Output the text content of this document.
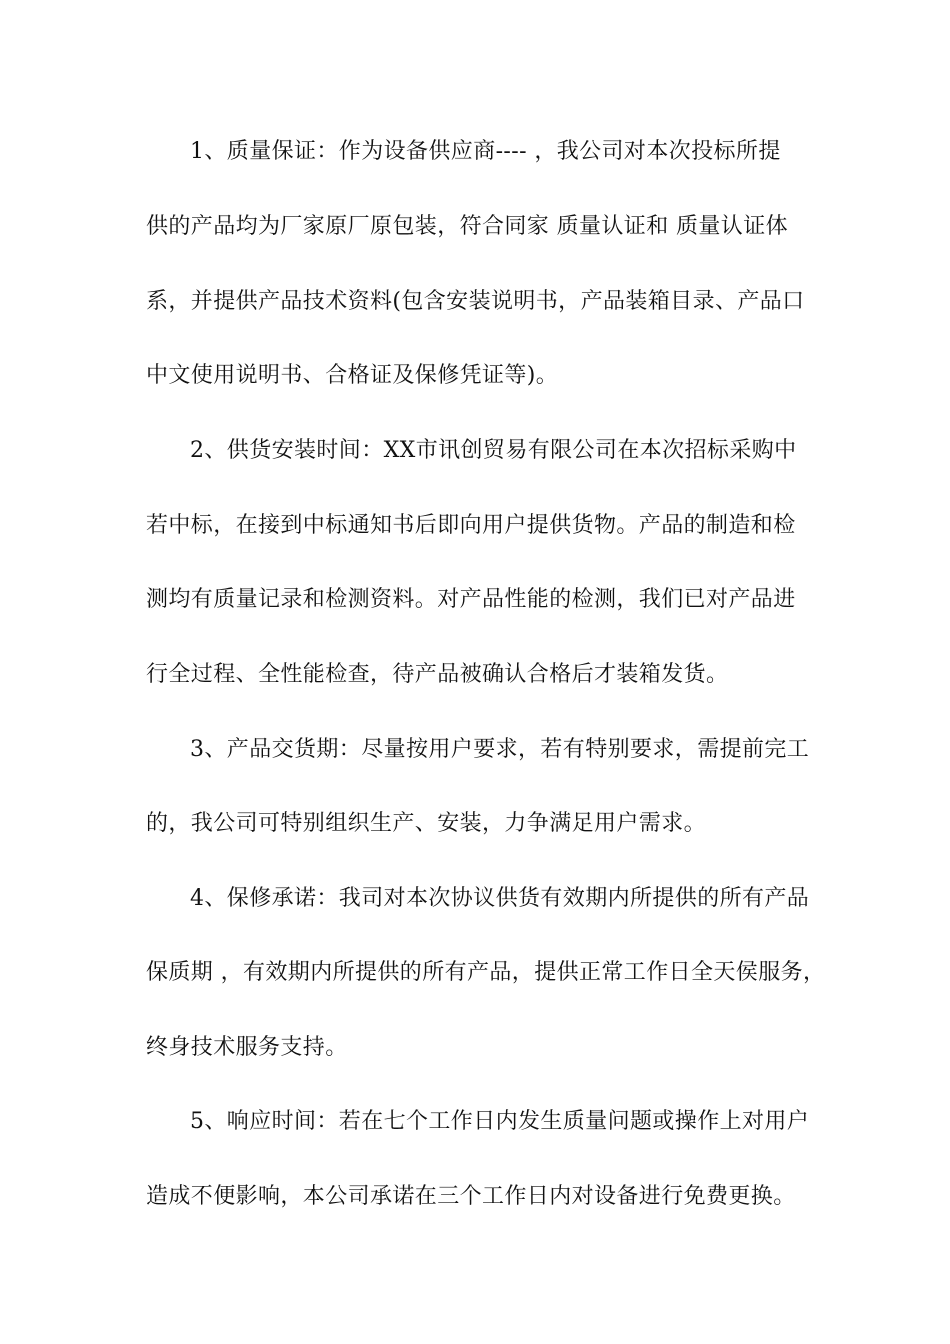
1、质量保证：作为设备供应商---- ，我公司对本次投标所提
供的产品均为厂家原厂原包装，符合同家 质量认证和 质量认证体
系，并提供产品技术资料(包含安装说明书，产品装箱目录、产品口
中文使用说明书、合格证及保修凭证等)。
2、供货安装时间：XX市讯创贸易有限公司在本次招标采购中
若中标，在接到中标通知书后即向用户提供货物。产品的制造和检
测均有质量记录和检测资料。对产品性能的检测，我们已对产品进
行全过程、全性能检查，待产品被确认合格后才装箱发货。
3、产品交货期：尽量按用户要求，若有特别要求，需提前完工
的，我公司可特别组织生产、安装，力争满足用户需求。
4、保修承诺：我司对本次协议供货有效期内所提供的所有产品
保质期 ，有效期内所提供的所有产品，提供正常工作日全天侯服务，
终身技术服务支持。
5、响应时间：若在七个工作日内发生质量问题或操作上对用户
造成不便影响，本公司承诺在三个工作日内对设备进行免费更换。
